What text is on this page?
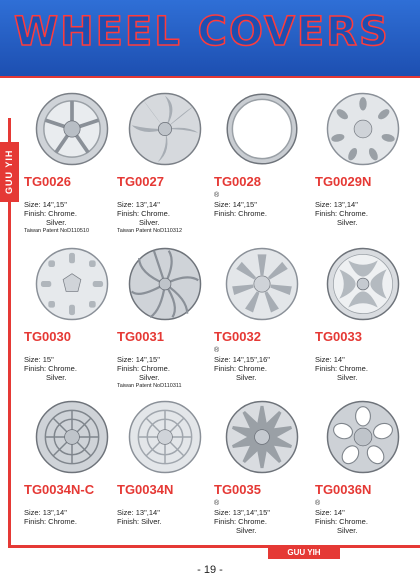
WHEEL COVERS
GUU YIH
GUU YIH
- 19 -
TG0026
Size: 14",15"
Finish: Chrome.
Silver.
Taiwan Patent NoD110510
TG0027
Size: 13",14"
Finish: Chrome.
Silver.
Taiwan Patent NoD110312
TG0028
®
Size: 14",15"
Finish: Chrome.
TG0029N
Size: 13",14"
Finish: Chrome.
Silver.
TG0030
Size: 15"
Finish: Chrome.
Silver.
TG0031
Size: 14",15"
Finish: Chrome.
Silver.
Taiwan Patent NoD110311
TG0032
®
Size: 14",15",16"
Finish: Chrome.
Silver.
TG0033
Size: 14"
Finish: Chrome.
Silver.
TG0034N-C
Size: 13",14"
Finish: Chrome.
TG0034N
Size: 13",14"
Finish: Silver.
TG0035
®
Size: 13",14",15"
Finish: Chrome.
Silver.
TG0036N
®
Size: 14"
Finish: Chrome.
Silver.
